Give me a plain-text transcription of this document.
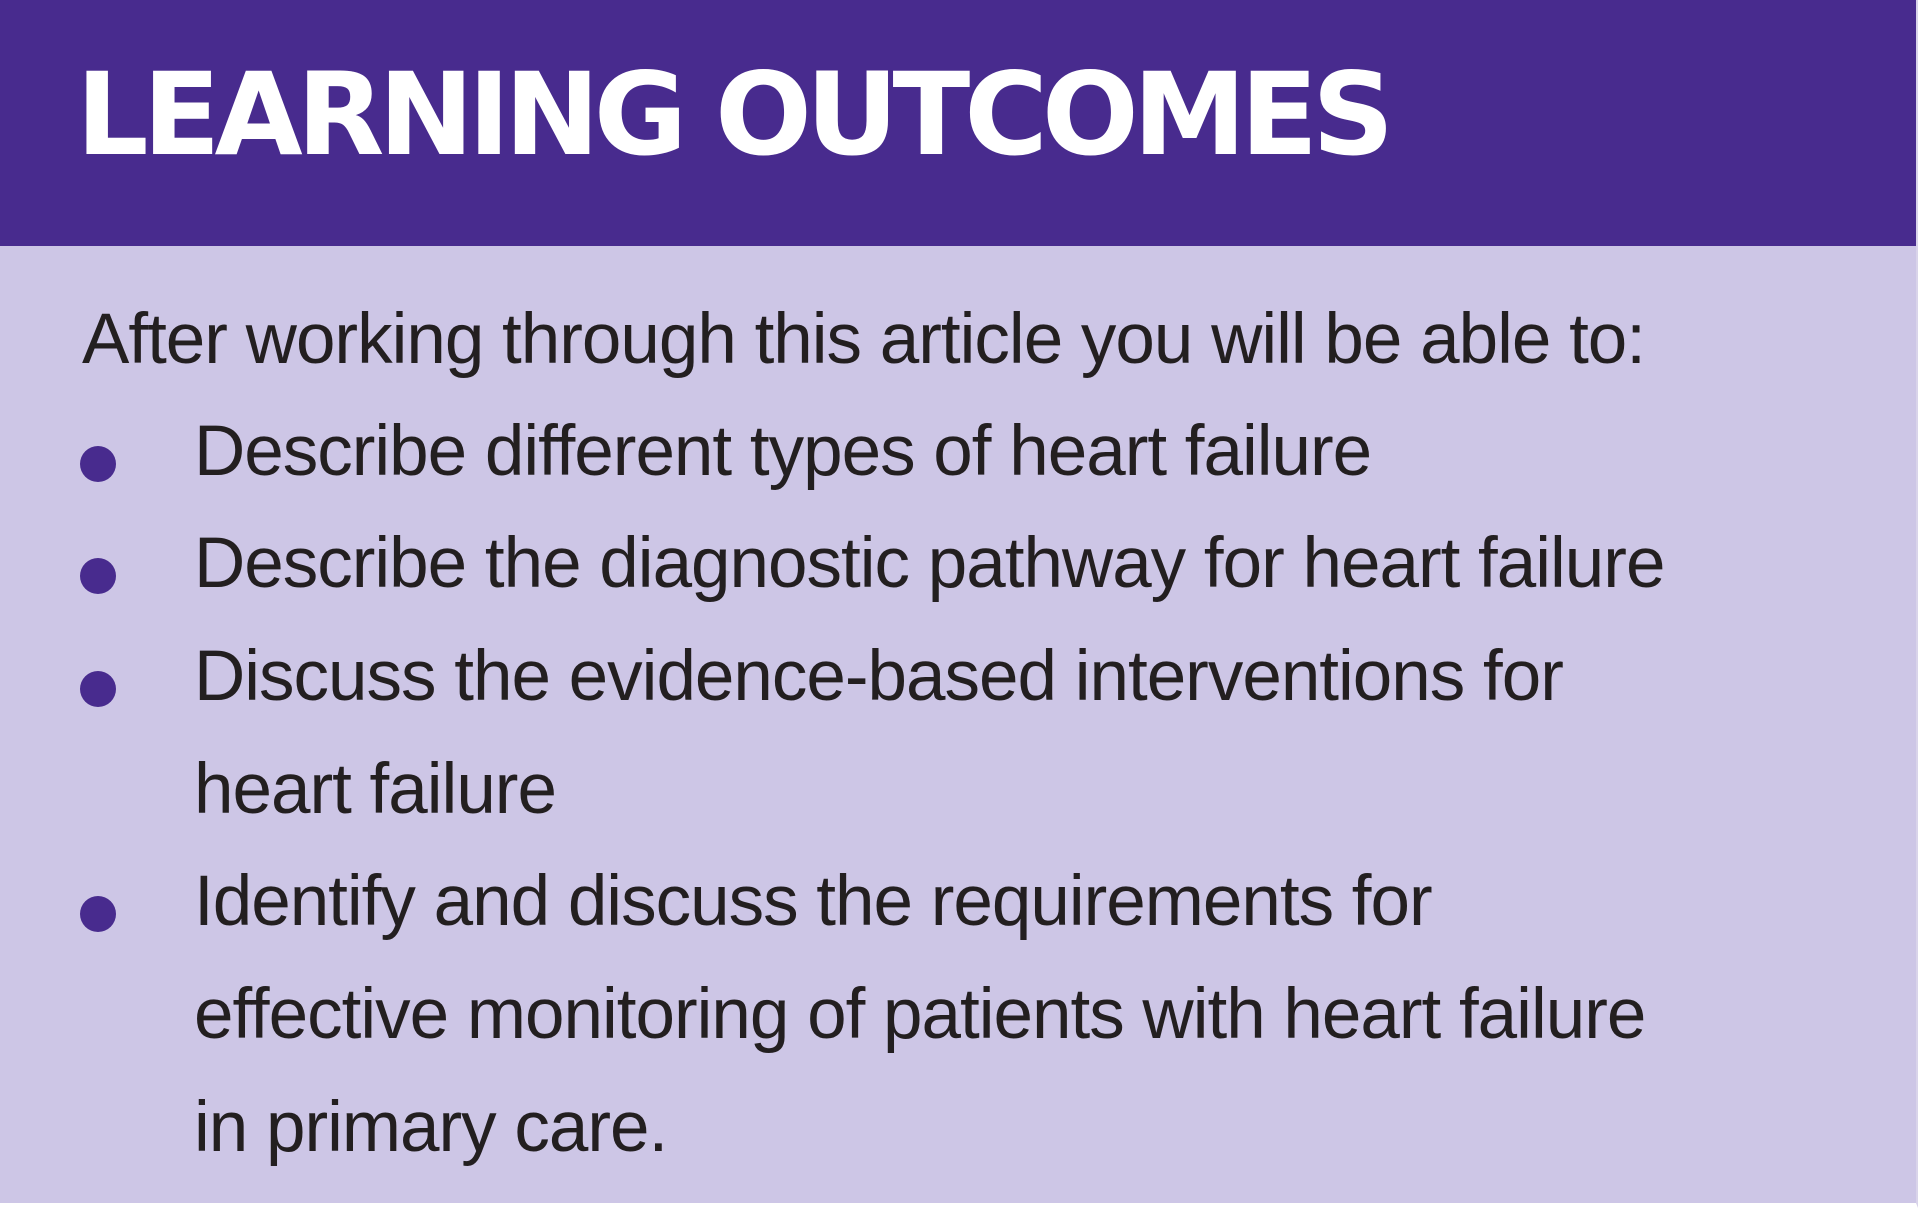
LEARNING OUTCOMES

After working through this article you will be able to:

Describe different types of heart failure

Describe the diagnostic pathway for heart failure

Discuss the evidence-based interventions for

heart failure

Identify and discuss the requirements for

effective monitoring of patients with heart failure

in primary care.
